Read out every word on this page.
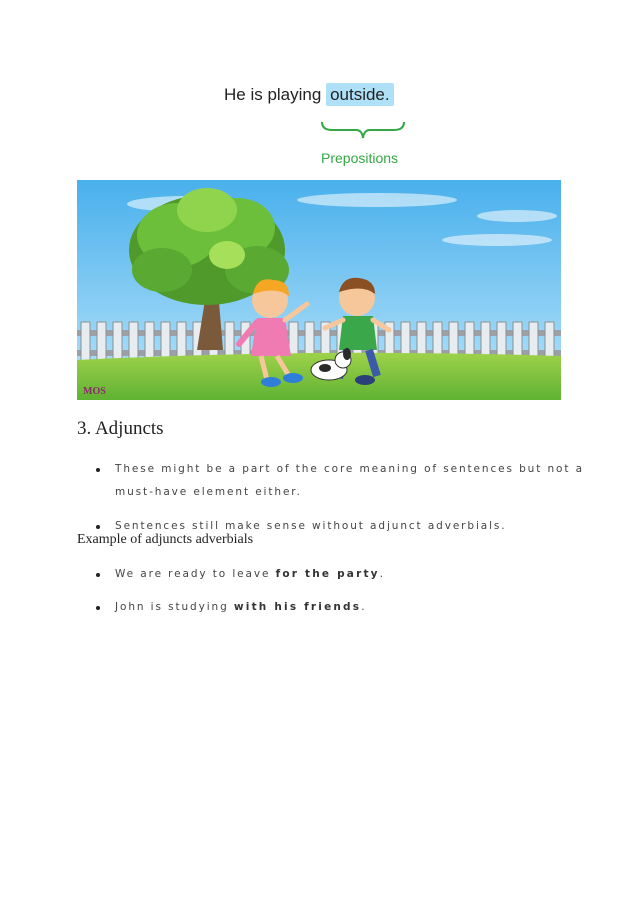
He is playing outside.
Prepositions
MOS
3. Adjuncts
These might be a part of the core meaning of sentences but not a
must-have element either.
Sentences still make sense without adjunct adverbials.
Example of adjuncts adverbials
We are ready to leave for the party.
John is studying with his friends.
